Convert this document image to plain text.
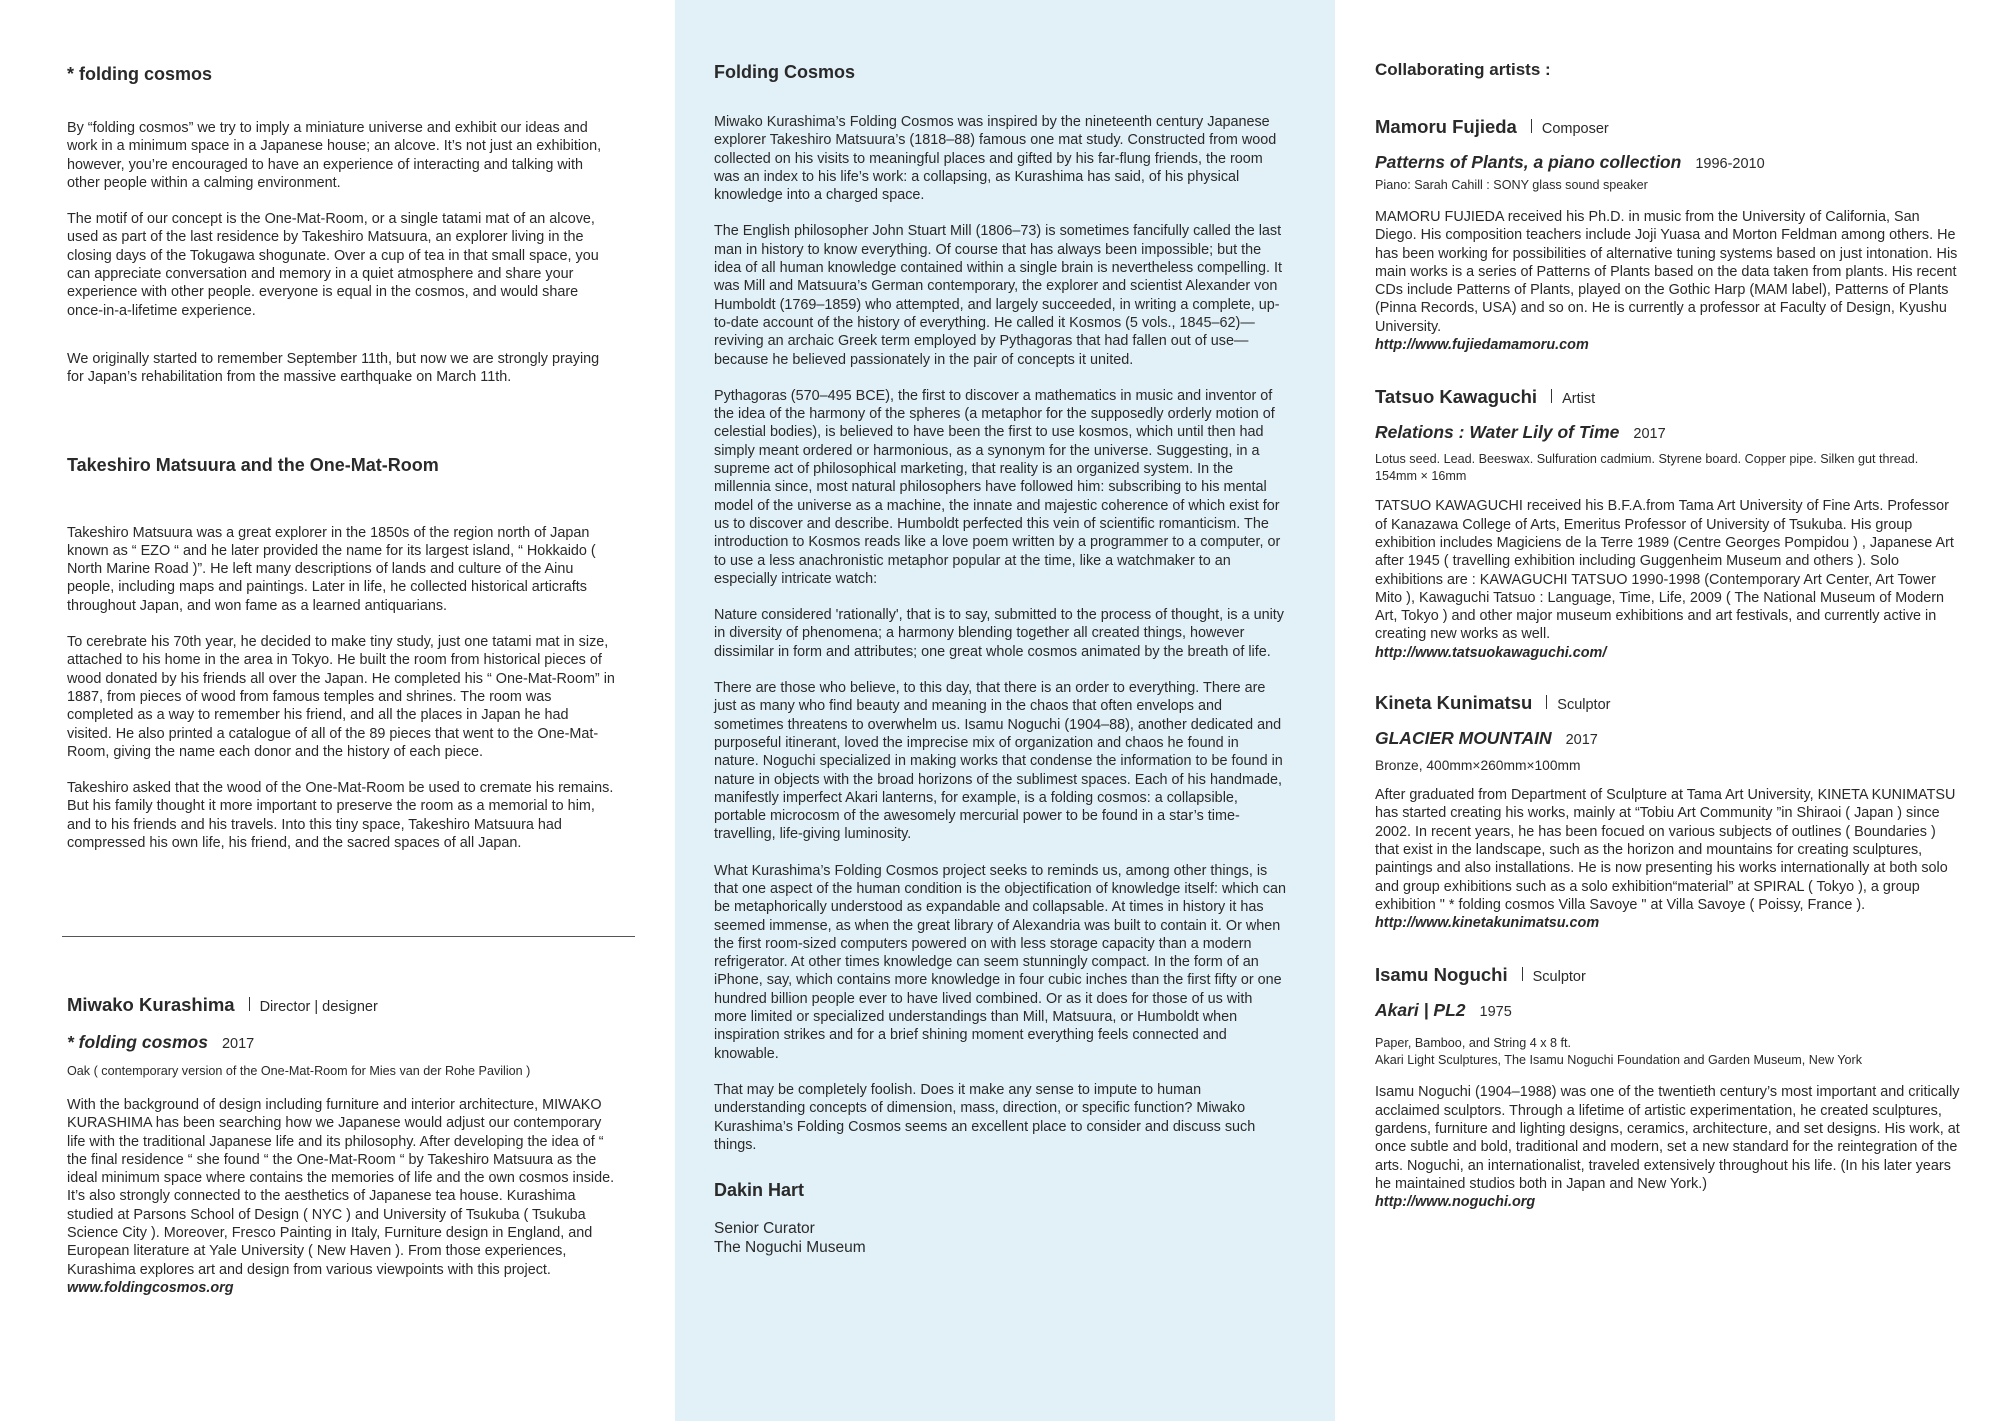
* folding cosmos

By “folding cosmos” we try to imply a miniature universe and exhibit our ideas and work in a minimum space in a Japanese house; an alcove. It’s not just an exhibition, however, you’re encouraged to have an experience of interacting and talking with other people within a calming environment.

The motif of our concept is the One-Mat-Room, or a single tatami mat of an alcove, used as part of the last residence by Takeshiro Matsuura, an explorer living in the closing days of the Tokugawa shogunate. Over a cup of tea in that small space, you can appreciate conversation and memory in a quiet atmosphere and share your experience with other people. everyone is equal in the cosmos, and would share once-in-a-lifetime experience.

We originally started to remember September 11th, but now we are strongly praying for Japan’s rehabilitation from the massive earthquake on March 11th.

Takeshiro Matsuura and the One-Mat-Room

Takeshiro Matsuura was a great explorer in the 1850s of the region north of Japan known as “ EZO “ and he later provided the name for its largest island, “ Hokkaido ( North Marine Road )”. He left many descriptions of lands and culture of the Ainu people, including maps and paintings. Later in life, he collected historical articrafts throughout Japan, and won fame as a learned antiquarians.

To cerebrate his 70th year, he decided to make tiny study, just one tatami mat in size, attached to his home in the area in Tokyo. He built the room from historical pieces of wood donated by his friends all over the Japan. He completed his “ One-Mat-Room” in 1887, from pieces of wood from famous temples and shrines. The room was completed as a way to remember his friend, and all the places in Japan he had visited. He also printed a catalogue of all of the 89 pieces that went to the One-Mat-Room, giving the name each donor and the history of each piece.

Takeshiro asked that the wood of the One-Mat-Room be used to cremate his remains. But his family thought it more important to preserve the room as a memorial to him, and to his friends and his travels. Into this tiny space, Takeshiro Matsuura had compressed his own life, his friend, and the sacred spaces of all Japan.

Miwako Kurashima Director | designer
* folding cosmos 2017
Oak ( contemporary version of the One-Mat-Room for Mies van der Rohe Pavilion )

With the background of design including furniture and interior architecture, MIWAKO KURASHIMA has been searching how we Japanese would adjust our contemporary life with the traditional Japanese life and its philosophy. After developing the idea of “ the final residence “ she found “ the One-Mat-Room “ by Takeshiro Matsuura as the ideal minimum space where contains the memories of life and the own cosmos inside. It’s also strongly connected to the aesthetics of Japanese tea house. Kurashima studied at Parsons School of Design ( NYC ) and University of Tsukuba ( Tsukuba Science City ). Moreover, Fresco Painting in Italy, Furniture design in England, and European literature at Yale University ( New Haven ). From those experiences, Kurashima explores art and design from various viewpoints with this project.

www.foldingcosmos.org
Folding Cosmos

Miwako Kurashima’s Folding Cosmos was inspired by the nineteenth century Japanese explorer Takeshiro Matsuura’s (1818–88) famous one mat study. Constructed from wood collected on his visits to meaningful places and gifted by his far-flung friends, the room was an index to his life’s work: a collapsing, as Kurashima has said, of his physical knowledge into a charged space.

The English philosopher John Stuart Mill (1806–73) is sometimes fancifully called the last man in history to know everything. Of course that has always been impossible; but the idea of all human knowledge contained within a single brain is nevertheless compelling. It was Mill and Matsuura’s German contemporary, the explorer and scientist Alexander von Humboldt (1769–1859) who attempted, and largely succeeded, in writing a complete, up-to-date account of the history of everything. He called it Kosmos (5 vols., 1845–62)—reviving an archaic Greek term employed by Pythagoras that had fallen out of use—because he believed passionately in the pair of concepts it united.

Pythagoras (570–495 BCE), the first to discover a mathematics in music and inventor of the idea of the harmony of the spheres (a metaphor for the supposedly orderly motion of celestial bodies), is believed to have been the first to use kosmos, which until then had simply meant ordered or harmonious, as a synonym for the universe. Suggesting, in a supreme act of philosophical marketing, that reality is an organized system. In the millennia since, most natural philosophers have followed him: subscribing to his mental model of the universe as a machine, the innate and majestic coherence of which exist for us to discover and describe. Humboldt perfected this vein of scientific romanticism. The introduction to Kosmos reads like a love poem written by a programmer to a computer, or to use a less anachronistic metaphor popular at the time, like a watchmaker to an especially intricate watch:

Nature considered 'rationally', that is to say, submitted to the process of thought, is a unity in diversity of phenomena; a harmony blending together all created things, however dissimilar in form and attributes; one great whole cosmos animated by the breath of life.

There are those who believe, to this day, that there is an order to everything. There are just as many who find beauty and meaning in the chaos that often envelops and sometimes threatens to overwhelm us. Isamu Noguchi (1904–88), another dedicated and purposeful itinerant, loved the imprecise mix of organization and chaos he found in nature. Noguchi specialized in making works that condense the information to be found in nature in objects with the broad horizons of the sublimest spaces. Each of his handmade, manifestly imperfect Akari lanterns, for example, is a folding cosmos: a collapsible, portable microcosm of the awesomely mercurial power to be found in a star’s time-travelling, life-giving luminosity.

What Kurashima’s Folding Cosmos project seeks to reminds us, among other things, is that one aspect of the human condition is the objectification of knowledge itself: which can be metaphorically understood as expandable and collapsable. At times in history it has seemed immense, as when the great library of Alexandria was built to contain it. Or when the first room-sized computers powered on with less storage capacity than a modern refrigerator. At other times knowledge can seem stunningly compact. In the form of an iPhone, say, which contains more knowledge in four cubic inches than the first fifty or one hundred billion people ever to have lived combined. Or as it does for those of us with more limited or specialized understandings than Mill, Matsuura, or Humboldt when inspiration strikes and for a brief shining moment everything feels connected and knowable.

That may be completely foolish. Does it make any sense to impute to human understanding concepts of dimension, mass, direction, or specific function? Miwako Kurashima’s Folding Cosmos seems an excellent place to consider and discuss such things.

Dakin Hart
Senior Curator
The Noguchi Museum
Collaborating artists :
Mamoru Fujieda Composer
Patterns of Plants, a piano collection 1996-2010
Piano: Sarah Cahill : SONY glass sound speaker

MAMORU FUJIEDA received his Ph.D. in music from the University of California, San Diego. His composition teachers include Joji Yuasa and Morton Feldman among others. He has been working for possibilities of alternative tuning systems based on just intonation. His main works is a series of Patterns of Plants based on the data taken from plants. His recent CDs include Patterns of Plants, played on the Gothic Harp (MAM label), Patterns of Plants (Pinna Records, USA) and so on. He is currently a professor at Faculty of Design, Kyushu University.

http://www.fujiedamamoru.com
Tatsuo Kawaguchi Artist
Relations : Water Lily of Time 2017
Lotus seed. Lead. Beeswax. Sulfuration cadmium. Styrene board. Copper pipe. Silken gut thread. 154mm × 16mm

TATSUO KAWAGUCHI received his B.F.A.from Tama Art University of Fine Arts. Professor of Kanazawa College of Arts, Emeritus Professor of University of Tsukuba. His group exhibition includes Magiciens de la Terre 1989 (Centre Georges Pompidou ) , Japanese Art after 1945 ( travelling exhibition including Guggenheim Museum and others ). Solo exhibitions are : KAWAGUCHI TATSUO 1990-1998 (Contemporary Art Center, Art Tower Mito ), Kawaguchi Tatsuo : Language, Time, Life, 2009 ( The National Museum of Modern Art, Tokyo ) and other major museum exhibitions and art festivals, and currently active in creating new works as well.

http://www.tatsuokawaguchi.com/
Kineta Kunimatsu Sculptor
GLACIER MOUNTAIN 2017
Bronze, 400mm×260mm×100mm

After graduated from Department of Sculpture at Tama Art University, KINETA KUNIMATSU has started creating his works, mainly at “Tobiu Art Community ”in Shiraoi ( Japan ) since 2002. In recent years, he has been focued on various subjects of outlines ( Boundaries ) that exist in the landscape, such as the horizon and mountains for creating sculptures, paintings and also installations. He is now presenting his works internationally at both solo and group exhibitions such as a solo exhibition“material” at SPIRAL ( Tokyo ), a group exhibition " * folding cosmos Villa Savoye " at Villa Savoye ( Poissy, France ).

http://www.kinetakunimatsu.com
Isamu Noguchi Sculptor
Akari | PL2 1975
Paper, Bamboo, and String 4 x 8 ft.
Akari Light Sculptures, The Isamu Noguchi Foundation and Garden Museum, New York

Isamu Noguchi (1904–1988) was one of the twentieth century’s most important and critically acclaimed sculptors. Through a lifetime of artistic experimentation, he created sculptures, gardens, furniture and lighting designs, ceramics, architecture, and set designs. His work, at once subtle and bold, traditional and modern, set a new standard for the reintegration of the arts. Noguchi, an internationalist, traveled extensively throughout his life. (In his later years he maintained studios both in Japan and New York.)

http://www.noguchi.org
